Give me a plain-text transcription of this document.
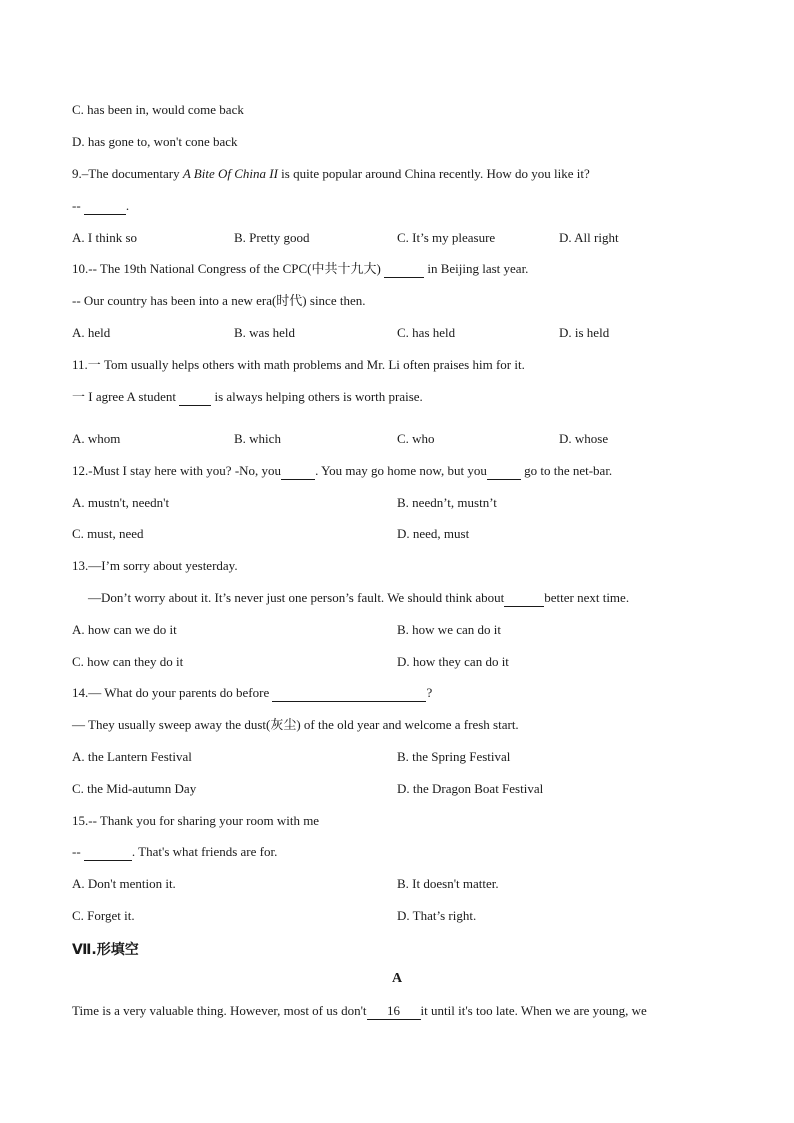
C. has been in, would come back
D. has gone to, won't cone back
9.–The documentary A Bite Of China II is quite popular around China recently. How do you like it?
--	.
A. I think so	B. Pretty good	C. It’s my pleasure	D. All right
10.-- The 19th National Congress of the CPC(中共十九大)	in Beijing last year.
-- Our country has been into a new era(时代) since then.
A. held	B. was held	C. has held	D. is held
11.一 Tom usually helps others with math problems and Mr. Li often praises him for it.
一 I agree A student   is always helping others is worth praise.
A. whom	B. which	C. who	D. whose
12.-Must I stay here with you? -No, you	. You may go home now, but you	go to the net-bar.
A. mustn't, needn't	B. needn’t, mustn’t
C. must, need	D. need, must
13.—I’m sorry about yesterday.
—Don’t worry about it. It’s never just one person’s fault. We should think about	better next time.
A. how can we do it	B. how we can do it
C. how can they do it	D. how they can do it
14.— What do your parents do before	?
— They usually sweep away the dust(灰尘) of the old year and welcome a fresh start.
A. the Lantern Festival	B. the Spring Festival
C. the Mid-autumn Day	D. the Dragon Boat Festival
15.-- Thank you for sharing your room with me
--	. That's what friends are for.
A. Don't mention it.	B. It doesn't matter.
C. Forget it.	D. That’s right.
Ⅶ.形填空
A
Time is a very valuable thing. However, most of us don't 16 it until it's too late. When we are young, we
